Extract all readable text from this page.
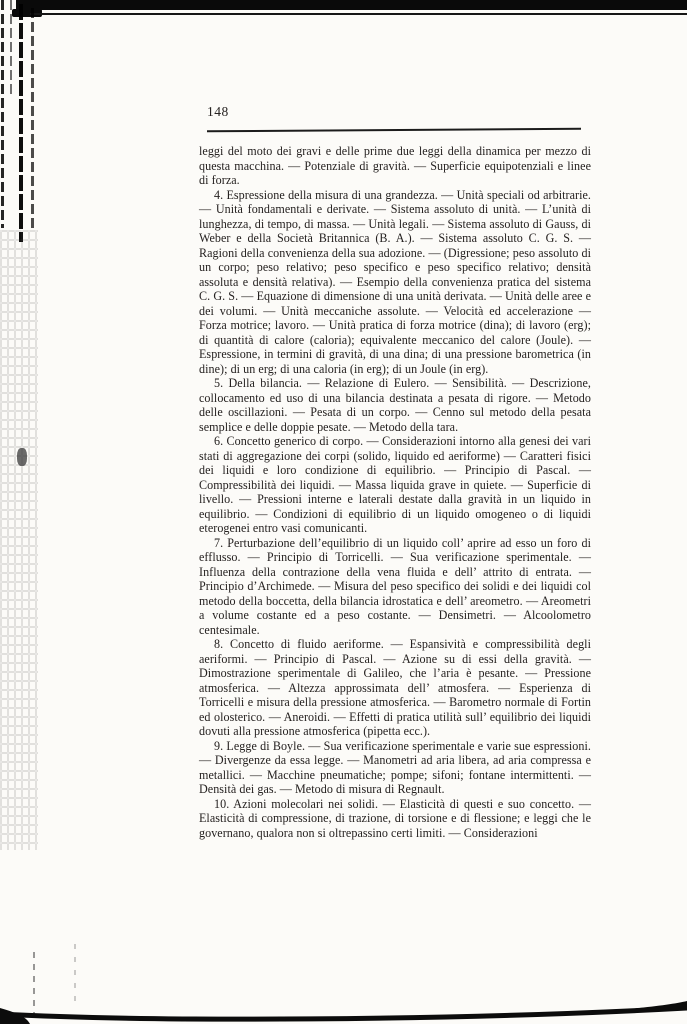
148

leggi del moto dei gravi e delle prime due leggi della dinamica per mezzo di questa macchina. — Potenziale di gravità. — Superficie equipotenziali e linee di forza.

4. Espressione della misura di una grandezza. — Unità speciali od arbitrarie. — Unità fondamentali e derivate. — Sistema assoluto di unità. — L’unità di lunghezza, di tempo, di massa. — Unità legali. — Sistema assoluto di Gauss, di Weber e della Società Britannica (B. A.). — Sistema assoluto C. G. S. — Ragioni della convenienza della sua adozione. — (Digressione; peso assoluto di un corpo; peso relativo; peso specifico e peso specifico relativo; densità assoluta e densità relativa). — Esempio della convenienza pratica del sistema C. G. S. — Equazione di dimensione di una unità derivata. — Unità delle aree e dei volumi. — Unità meccaniche assolute. — Velocità ed accelerazione — Forza motrice; lavoro. — Unità pratica di forza motrice (dina); di lavoro (erg); di quantità di calore (caloria); equivalente meccanico del calore (Joule). — Espressione, in termini di gravità, di una dina; di una pressione barometrica (in dine); di un erg; di una caloria (in erg); di un Joule (in erg).

5. Della bilancia. — Relazione di Eulero. — Sensibilità. — Descrizione, collocamento ed uso di una bilancia destinata a pesata di rigore. — Metodo delle oscillazioni. — Pesata di un corpo. — Cenno sul metodo della pesata semplice e delle doppie pesate. — Metodo della tara.

6. Concetto generico di corpo. — Considerazioni intorno alla genesi dei vari stati di aggregazione dei corpi (solido, liquido ed aeriforme) — Caratteri fisici dei liquidi e loro condizione di equilibrio. — Principio di Pascal. — Compressibilità dei liquidi. — Massa liquida grave in quiete. — Superficie di livello. — Pressioni interne e laterali destate dalla gravità in un liquido in equilibrio. — Condizioni di equilibrio di un liquido omogeneo o di liquidi eterogenei entro vasi comunicanti.

7. Perturbazione dell’equilibrio di un liquido coll’ aprire ad esso un foro di efflusso. — Principio di Torricelli. — Sua verificazione sperimentale. — Influenza della contrazione della vena fluida e dell’ attrito di entrata. — Principio d’Archimede. — Misura del peso specifico dei solidi e dei liquidi col metodo della boccetta, della bilancia idrostatica e dell’ areometro. — Areometri a volume costante ed a peso costante. — Densimetri. — Alcoolometro centesimale.

8. Concetto di fluido aeriforme. — Espansività e compressibilità degli aeriformi. — Principio di Pascal. — Azione su di essi della gravità. — Dimostrazione sperimentale di Galileo, che l’aria è pesante. — Pressione atmosferica. — Altezza approssimata dell’ atmosfera. — Esperienza di Torricelli e misura della pressione atmosferica. — Barometro normale di Fortin ed olosterico. — Aneroidi. — Effetti di pratica utilità sull’ equilibrio dei liquidi dovuti alla pressione atmosferica (pipetta ecc.).

9. Legge di Boyle. — Sua verificazione sperimentale e varie sue espressioni. — Divergenze da essa legge. — Manometri ad aria libera, ad aria compressa e metallici. — Macchine pneumatiche; pompe; sifoni; fontane intermittenti. — Densità dei gas. — Metodo di misura di Regnault.

10. Azioni molecolari nei solidi. — Elasticità di questi e suo concetto. — Elasticità di compressione, di trazione, di torsione e di flessione; e leggi che le governano, qualora non si oltrepassino certi limiti. — Considerazioni
